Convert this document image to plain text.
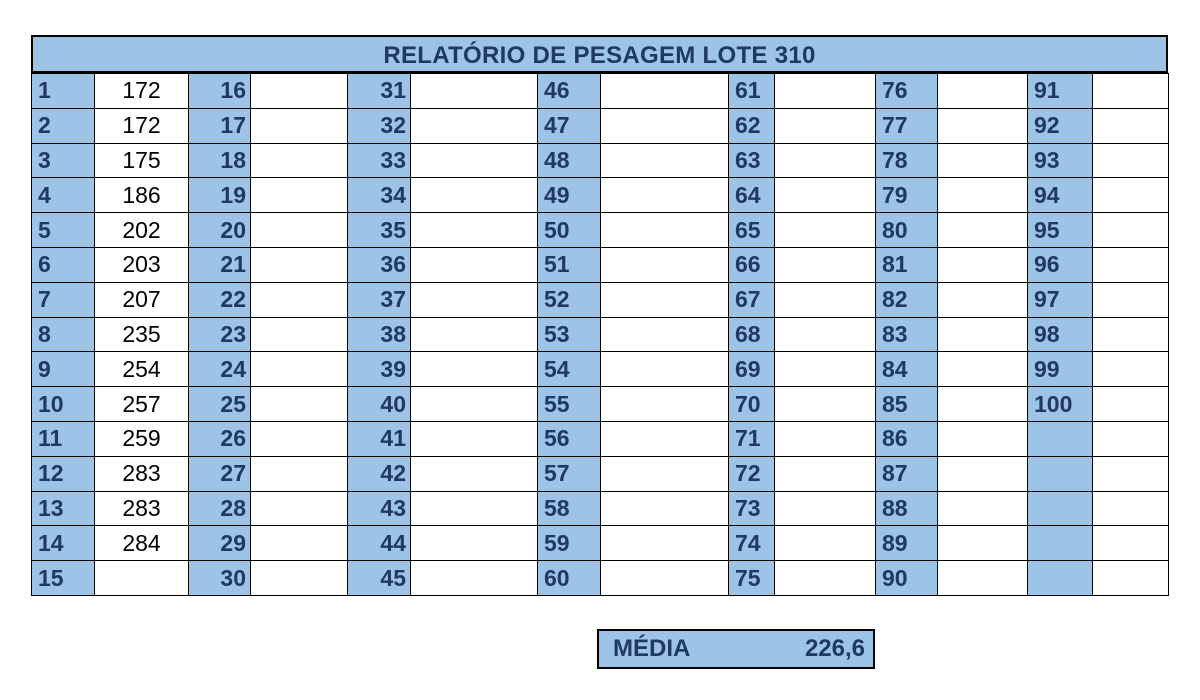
RELATÓRIO DE PESAGEM LOTE 310
1	172	16		31		46		61		76		91	
2	172	17		32		47		62		77		92	
3	175	18		33		48		63		78		93	
4	186	19		34		49		64		79		94	
5	202	20		35		50		65		80		95	
6	203	21		36		51		66		81		96	
7	207	22		37		52		67		82		97	
8	235	23		38		53		68		83		98	
9	254	24		39		54		69		84		99	
10	257	25		40		55		70		85		100	
11	259	26		41		56		71		86			
12	283	27		42		57		72		87			
13	283	28		43		58		73		88			
14	284	29		44		59		74		89			
15		30		45		60		75		90			
MÉDIA	226,6
